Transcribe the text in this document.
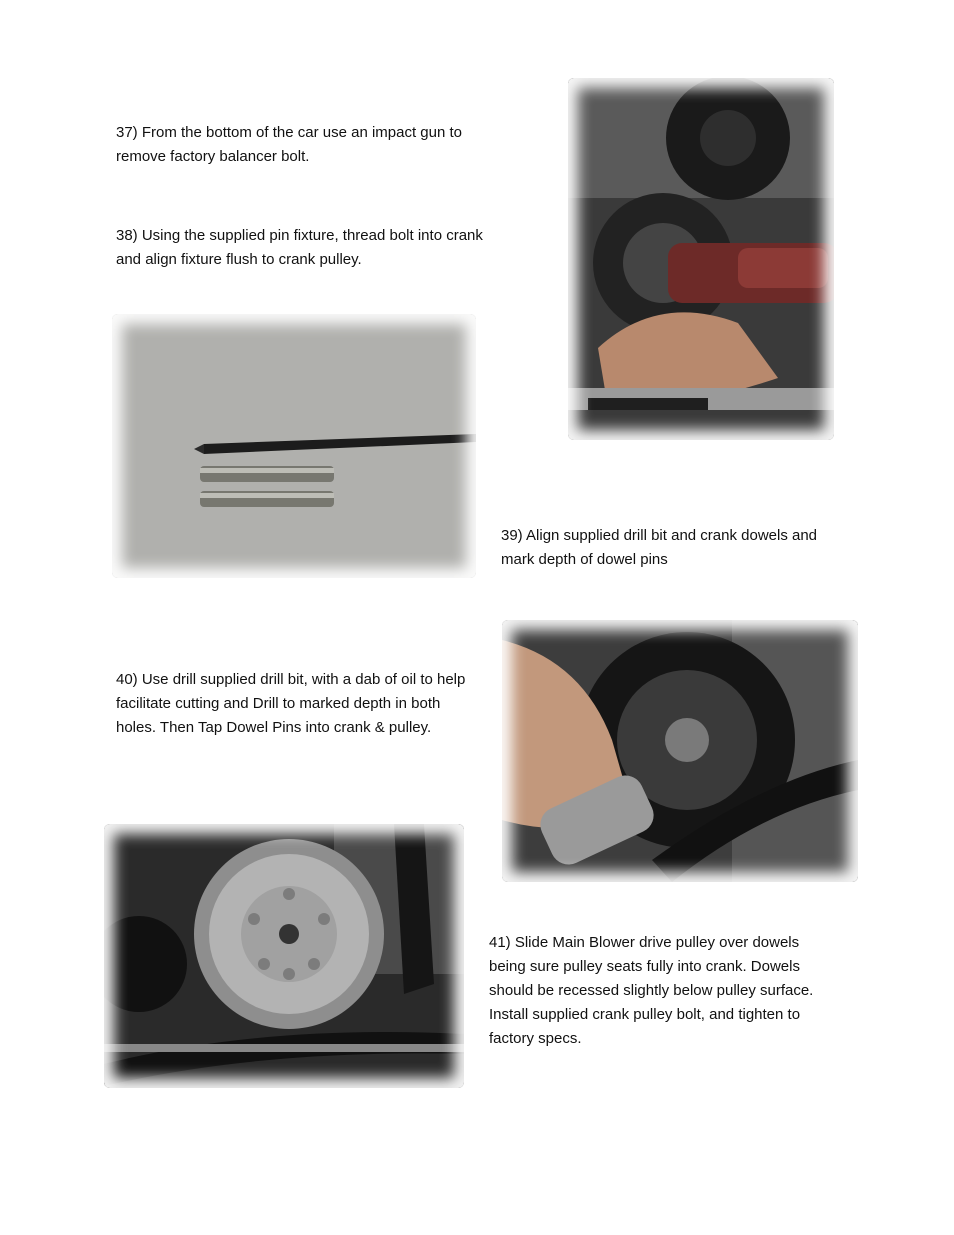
37) From the bottom of the car use an impact gun to remove factory balancer bolt.

38) Using the supplied pin fixture, thread bolt into crank and align fixture flush to crank pulley.

39) Align supplied drill bit and crank dowels and mark depth of dowel pins

40) Use drill supplied drill bit, with a dab of oil to help facilitate cutting and Drill to marked depth in both holes. Then Tap Dowel Pins into crank & pulley.

41) Slide Main Blower drive pulley over dowels being sure pulley seats fully into crank. Dowels should be recessed slightly below pulley surface. Install supplied crank pulley bolt, and tighten to factory specs.
